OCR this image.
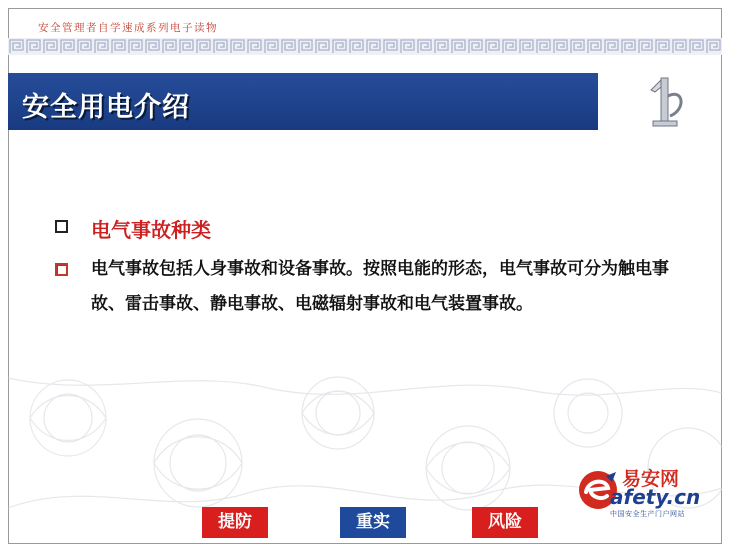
安全管理者自学速成系列电子读物
安全用电介绍
电气事故种类
电气事故包括人身事故和设备事故。按照电能的形态，电气事故可分为触电事故、雷击事故、静电事故、电磁辐射事故和电气装置事故。
提防	重实	风险
易安网
afety.cn
中国安全生产门户网站
